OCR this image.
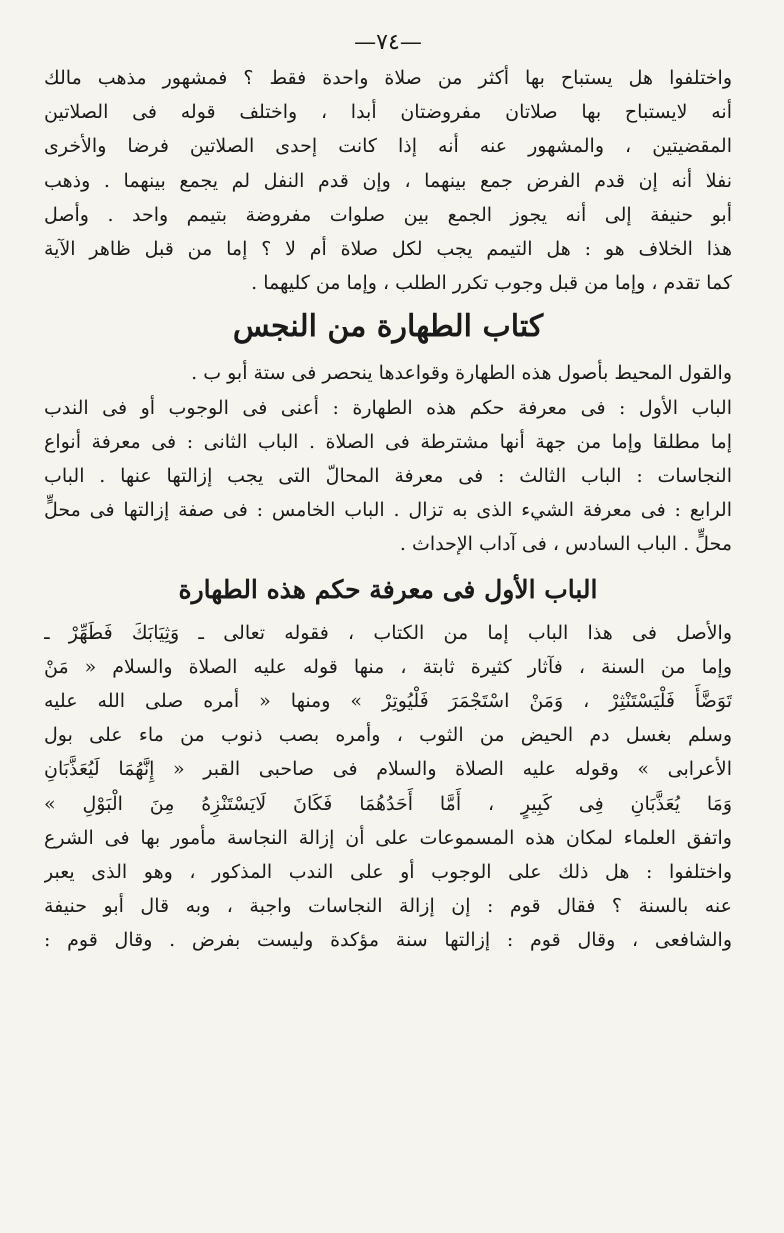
—٧٤—
واختلفوا هل يستباح بها أكثر من صلاة واحدة فقط ؟ فمشهور مذهب مالك
أنه لايستباح بها صلاتان مفروضتان أبدا ، واختلف قوله فى الصلاتين
المقضيتين ، والمشهور عنه أنه إذا كانت إحدى الصلاتين فرضا والأخرى
نفلا أنه إن قدم الفرض جمع بينهما ، وإن قدم النفل لم يجمع بينهما . وذهب
أبو حنيفة إلى أنه يجوز الجمع بين صلوات مفروضة بتيمم واحد . وأصل
هذا الخلاف هو : هل التيمم يجب لكل صلاة أم لا ؟ إما من قبل ظاهر الآية
كما تقدم ، وإما من قبل وجوب تكرر الطلب ، وإما من كليهما .
كتاب الطهارة من النجس
والقول المحيط بأصول هذه الطهارة وقواعدها ينحصر فى ستة أبو ب .
الباب الأول : فى معرفة حكم هذه الطهارة : أعنى فى الوجوب أو فى الندب
إما مطلقا وإما من جهة أنها مشترطة فى الصلاة . الباب الثانى : فى معرفة أنواع
النجاسات : الباب الثالث : فى معرفة المحالّ التى يجب إزالتها عنها . الباب
الرابع : فى معرفة الشيء الذى به تزال . الباب الخامس : فى صفة إزالتها فى محلٍّ
محلٍّ . الباب السادس ، فى آداب الإحداث .
الباب الأول فى معرفة حكم هذه الطهارة
والأصل فى هذا الباب إما من الكتاب ، فقوله تعالى ـ وَثِيَابَكَ فَطَهِّرْ ـ
وإما من السنة ، فآثار كثيرة ثابتة ، منها قوله عليه الصلاة والسلام « مَنْ
تَوَضَّأَ فَلْيَسْتَنْثِرْ ، وَمَنْ اسْتَجْمَرَ فَلْيُوتِرْ » ومنها « أمره صلى الله عليه
وسلم بغسل دم الحيض من الثوب ، وأمره بصب ذنوب من ماء على بول
الأعرابى » وقوله عليه الصلاة والسلام فى صاحبى القبر « إِنَّهُمَا لَيُعَذَّبَانِ
وَمَا يُعَذَّبَانِ فِى كَبِيرٍ ، أَمَّا أَحَدُهُمَا فَكَانَ لَايَسْتَنْزِهُ مِنَ الْبَوْلِ »
واتفق العلماء لمكان هذه المسموعات على أن إزالة النجاسة مأمور بها فى الشرع
واختلفوا : هل ذلك على الوجوب أو على الندب المذكور ، وهو الذى يعبر
عنه بالسنة ؟ فقال قوم : إن إزالة النجاسات واجبة ، وبه قال أبو حنيفة
والشافعى ، وقال قوم : إزالتها سنة مؤكدة وليست بفرض . وقال قوم :
